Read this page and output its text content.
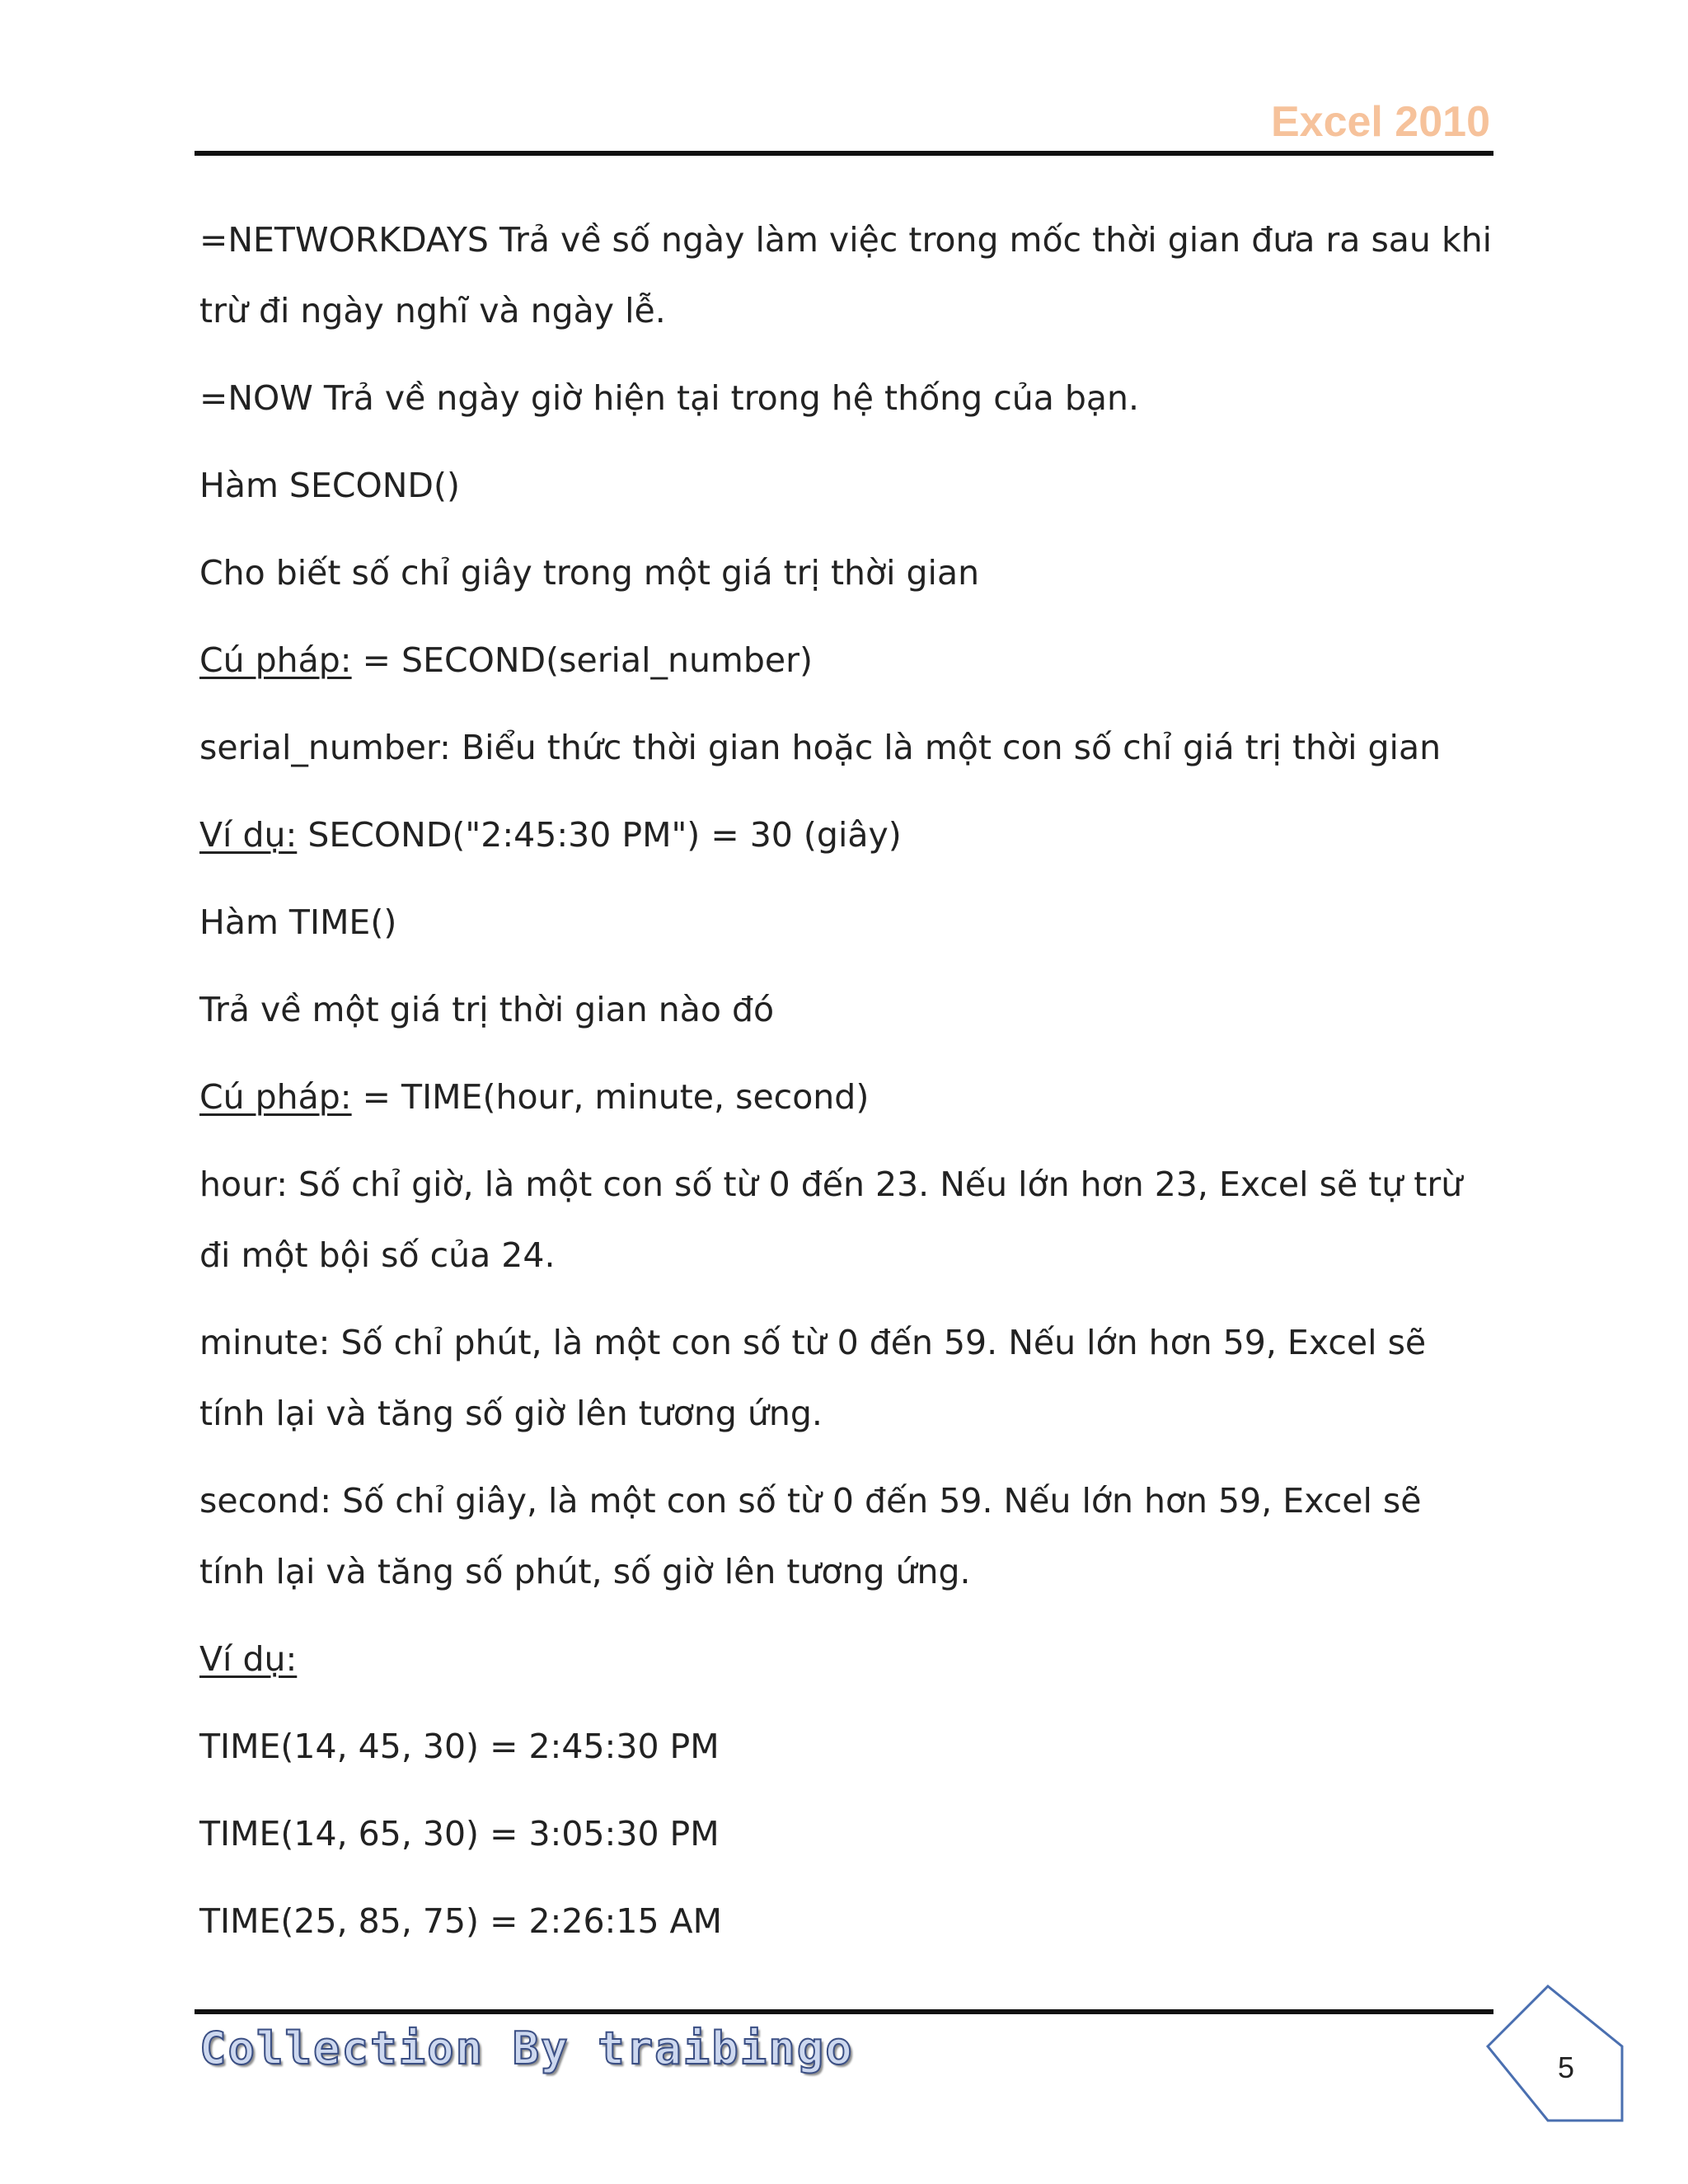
Excel 2010

=NETWORKDAYS Trả về số ngày làm việc trong mốc thời gian đưa ra sau khi trừ đi ngày nghĩ và ngày lễ.

=NOW Trả về ngày giờ hiện tại trong hệ thống của bạn.

Hàm SECOND()

Cho biết số chỉ giây trong một giá trị thời gian

Cú pháp: = SECOND(serial_number)

serial_number: Biểu thức thời gian hoặc là một con số chỉ giá trị thời gian

Ví dụ: SECOND("2:45:30 PM") = 30 (giây)

Hàm TIME()

Trả về một giá trị thời gian nào đó

Cú pháp: = TIME(hour, minute, second)

hour: Số chỉ giờ, là một con số từ 0 đến 23. Nếu lớn hơn 23, Excel sẽ tự trừ đi một bội số của 24.

minute: Số chỉ phút, là một con số từ 0 đến 59. Nếu lớn hơn 59, Excel sẽ tính lại và tăng số giờ lên tương ứng.

second: Số chỉ giây, là một con số từ 0 đến 59. Nếu lớn hơn 59, Excel sẽ tính lại và tăng số phút, số giờ lên tương ứng.

Ví dụ:

TIME(14, 45, 30) = 2:45:30 PM

TIME(14, 65, 30) = 3:05:30 PM

TIME(25, 85, 75) = 2:26:15 AM

Collection By traibingo	5
